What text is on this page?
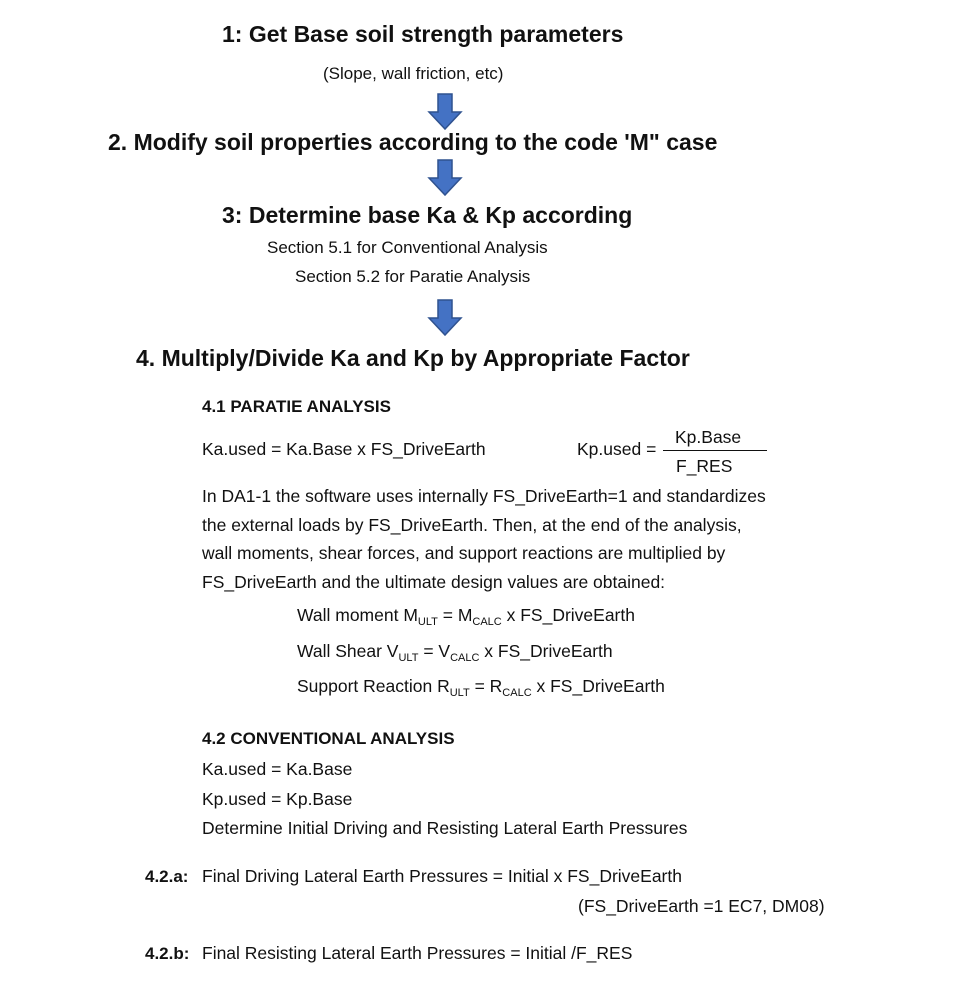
1: Get Base soil strength parameters
(Slope, wall friction, etc)
2. Modify soil properties according to the code 'M" case
3: Determine base Ka & Kp according
Section 5.1 for Conventional Analysis
Section 5.2 for Paratie Analysis
4. Multiply/Divide Ka and Kp by Appropriate Factor
4.1 PARATIE ANALYSIS
Ka.used = Ka.Base x FS_DriveEarth	Kp.used =
Kp.Base
F_RES
In DA1-1 the software uses internally FS_DriveEarth=1 and standardizes
the external loads by FS_DriveEarth. Then, at the end of the analysis,
wall moments, shear forces, and support reactions are multiplied by
FS_DriveEarth and the ultimate design values are obtained:
Wall moment $M_{ULT} = M_{CALC}$ x FS_DriveEarth
Wall Shear $V_{ULT} = V_{CALC}$ x FS_DriveEarth
Support Reaction $R_{ULT} = R_{CALC}$ x FS_DriveEarth
4.2 CONVENTIONAL ANALYSIS
Ka.used = Ka.Base
Kp.used = Kp.Base
Determine Initial Driving and Resisting Lateral Earth Pressures
4.2.a: Final Driving Lateral Earth Pressures = Initial x FS_DriveEarth
(FS_DriveEarth =1 EC7, DM08)
4.2.b: Final Resisting Lateral Earth Pressures = Initial /F_RES
